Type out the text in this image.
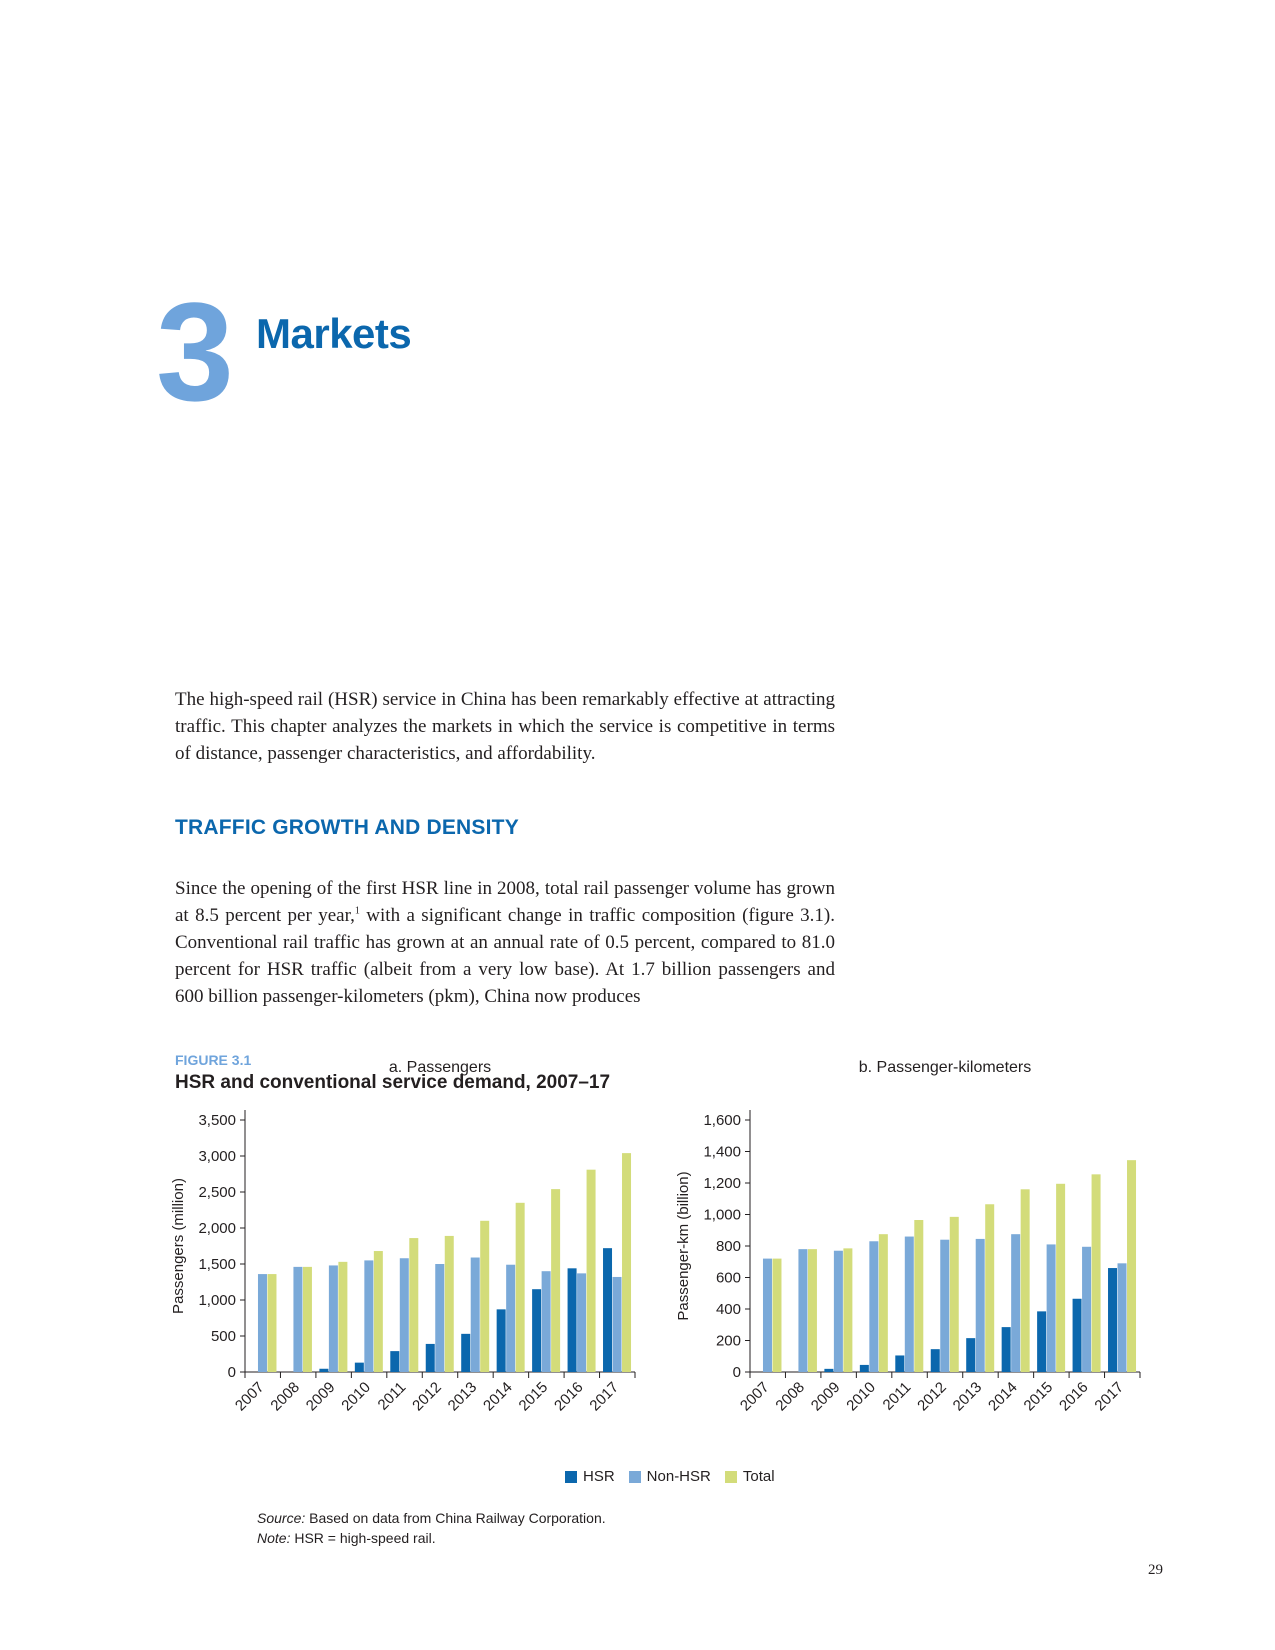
3 Markets

The high-speed rail (HSR) service in China has been remarkably effective at attracting traffic. This chapter analyzes the markets in which the service is competitive in terms of distance, passenger characteristics, and affordability.

TRAFFIC GROWTH AND DENSITY

Since the opening of the first HSR line in 2008, total rail passenger volume has grown at 8.5 percent per year,$^1$ with a significant change in traffic composition (figure 3.1). Conventional rail traffic has grown at an annual rate of 0.5 percent, compared to 81.0 percent for HSR traffic (albeit from a very low base). At 1.7 billion passengers and 600 billion passenger-kilometers (pkm), China now produces

FIGURE 3.1
HSR and conventional service demand, 2007–17
a. Passengers
Passengers (million)
0
500
1,000
1,500
2,000
2,500
3,000
3,500
2007 2008 2009 2010 2011 2012 2013 2014 2015 2016 2017
b. Passenger-kilometers
Passenger-km (billion)
0
200
400
600
800
1,000
1,200
1,400
1,600
2007 2008 2009 2010 2011 2012 2013 2014 2015 2016 2017
HSR Non-HSR Total
Source: Based on data from China Railway Corporation.
Note: HSR = high-speed rail.
29
